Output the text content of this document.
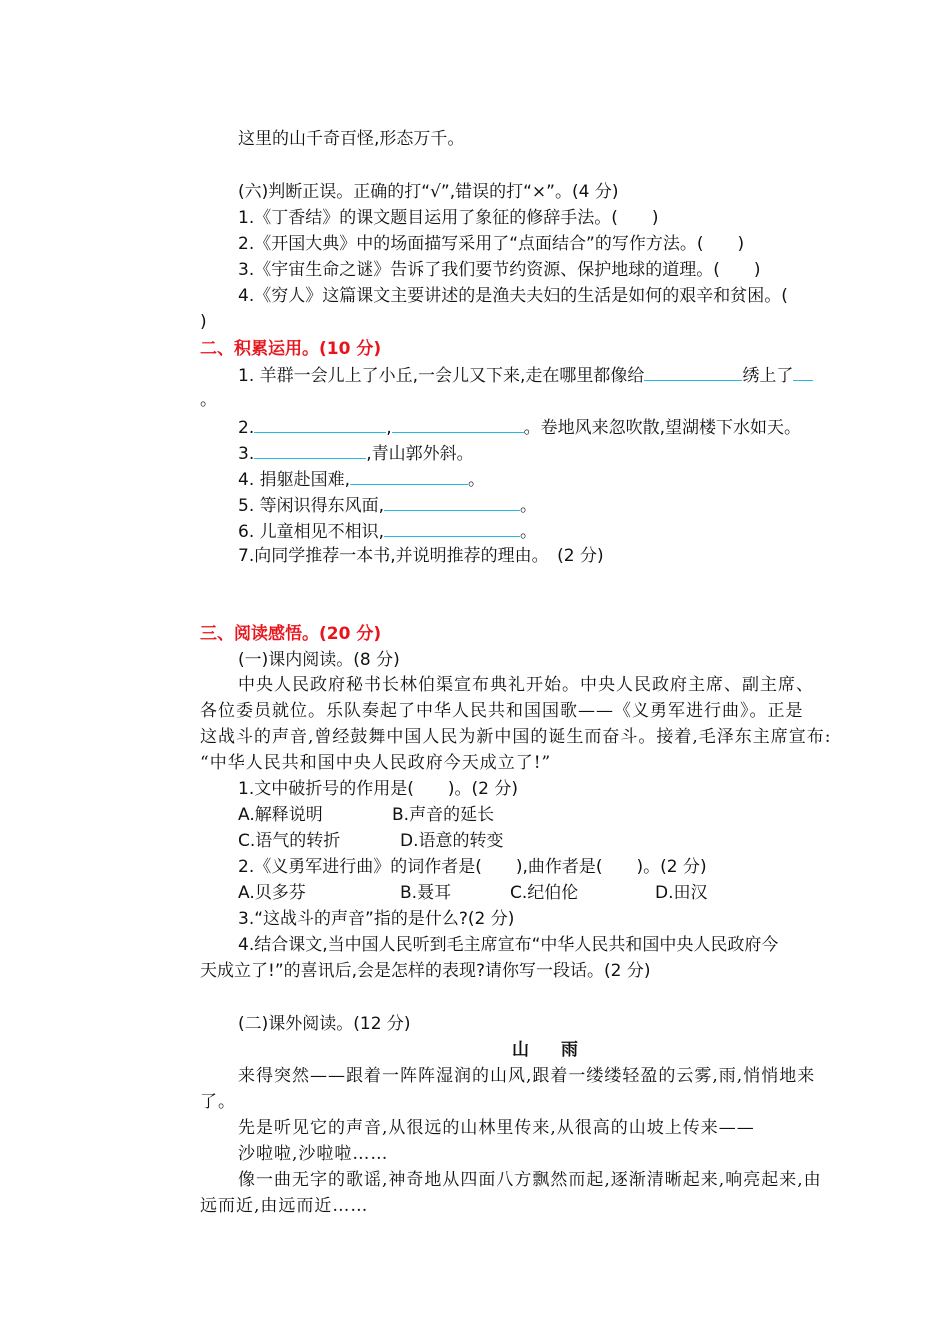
这里的山千奇百怪,形态万千。
(六)判断正误。正确的打“√”,错误的打“×”。(4 分)
1.《丁香结》的课文题目运用了象征的修辞手法。(　　)
2.《开国大典》中的场面描写采用了“点面结合”的写作方法。(　　)
3.《宇宙生命之谜》告诉了我们要节约资源、保护地球的道理。(　　)
4.《穷人》这篇课文主要讲述的是渔夫夫妇的生活是如何的艰辛和贫困。(
)
二、积累运用。(10 分)
1. 羊群一会儿上了小丘,一会儿又下来,走在哪里都像给	绣上了
。
2.	,	。卷地风来忽吹散,望湖楼下水如天。
3.	,青山郭外斜。
4. 捐躯赴国难,	。
5. 等闲识得东风面,	。
6. 儿童相见不相识,	。
7.向同学推荐一本书,并说明推荐的理由。　(2 分)
三、阅读感悟。(20 分)
(一)课内阅读。(8 分)
中央人民政府秘书长林伯渠宣布典礼开始。中央人民政府主席、副主席、
各位委员就位。乐队奏起了中华人民共和国国歌——《义勇军进行曲》。正是
这战斗的声音,曾经鼓舞中国人民为新中国的诞生而奋斗。接着,毛泽东主席宣布:
“中华人民共和国中央人民政府今天成立了!”
1.文中破折号的作用是(　　)。(2 分)
A.解释说明	B.声音的延长
C.语气的转折	D.语意的转变
2.《义勇军进行曲》的词作者是(　　),曲作者是(　　)。(2 分)
A.贝多芬	B.聂耳	C.纪伯伦	D.田汉
3.“这战斗的声音”指的是什么?(2 分)
4.结合课文,当中国人民听到毛主席宣布“中华人民共和国中央人民政府今
天成立了!”的喜讯后,会是怎样的表现?请你写一段话。(2 分)
(二)课外阅读。(12 分)
山雨
来得突然——跟着一阵阵湿润的山风,跟着一缕缕轻盈的云雾,雨,悄悄地来
了。
先是听见它的声音,从很远的山林里传来,从很高的山坡上传来——
沙啦啦,沙啦啦……
像一曲无字的歌谣,神奇地从四面八方飘然而起,逐渐清晰起来,响亮起来,由
远而近,由远而近……
